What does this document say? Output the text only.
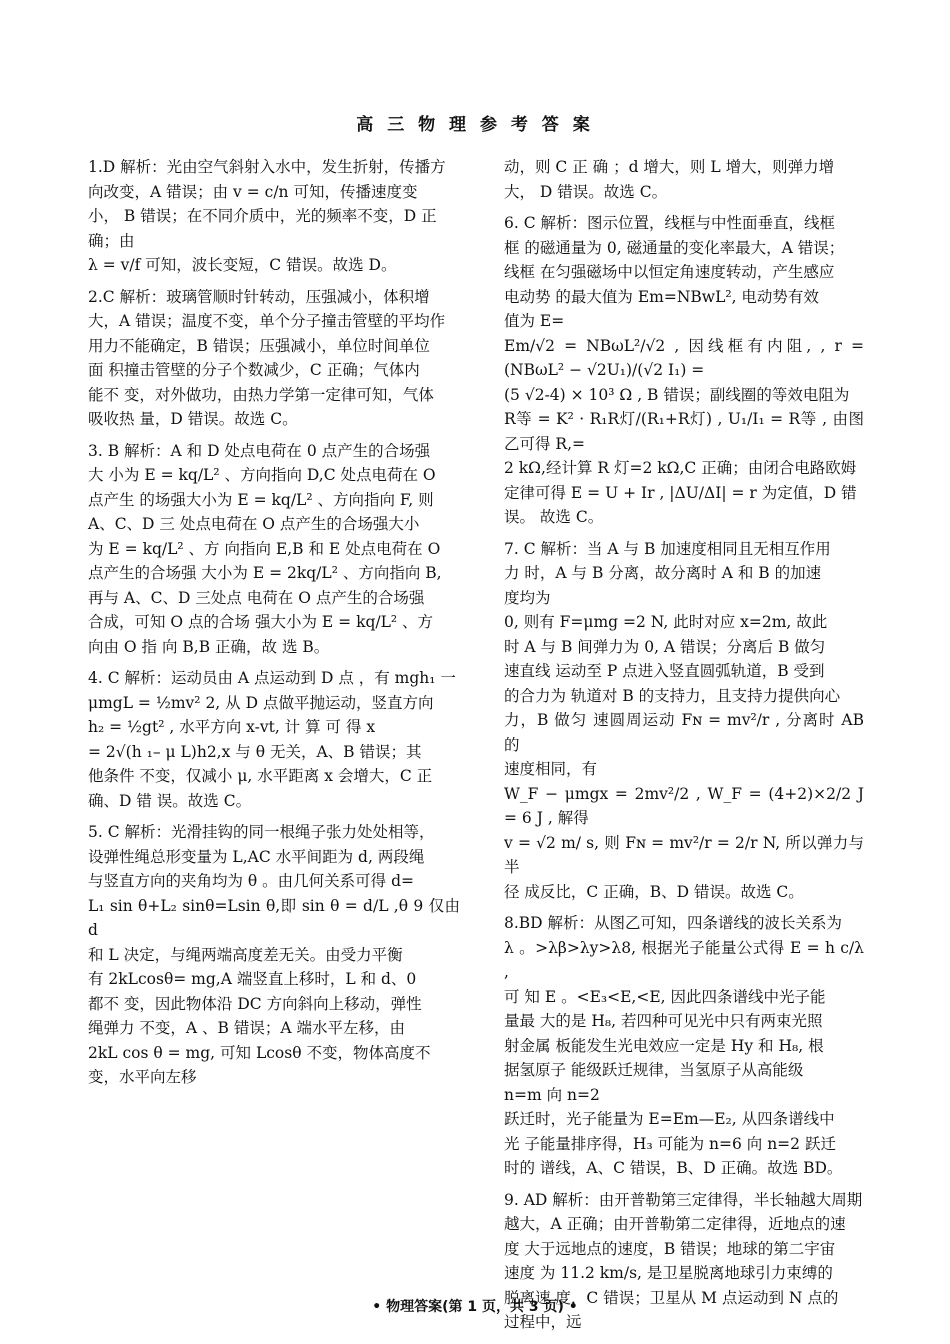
高 三 物 理 参 考 答 案
1.D 解析：光由空气斜射入水中，发生折射，传播方
向改变，A 错误；由 v = c/n 可知，传播速度变
小， B 错误；在不同介质中，光的频率不变，D 正
确；由
λ = v/f 可知，波长变短，C 错误。故选 D。
2.C 解析：玻璃管顺时针转动，压强减小，体积增
大，A 错误；温度不变，单个分子撞击管壁的平均作
用力不能确定，B 错误；压强减小，单位时间单位
面 积撞击管壁的分子个数减少，C 正确；气体内
能不 变，对外做功，由热力学第一定律可知，气体
吸收热 量，D 错误。故选 C。
3. B 解析：A 和 D 处点电荷在 0 点产生的合场强
大 小为 E = kq/L² 、方向指向 D,C 处点电荷在 O
点产生 的场强大小为 E = kq/L² 、方向指向 F, 则
A、C、D 三 处点电荷在 O 点产生的合场强大小
为 E = kq/L² 、方 向指向 E,B 和 E 处点电荷在 O
点产生的合场强 大小为 E = 2kq/L² 、方向指向 B,
再与 A、C、D 三处点 电荷在 O 点产生的合场强
合成，可知 O 点的合场 强大小为 E = kq/L² 、方
向由 O 指 向 B,B 正确，故 选 B。
4. C 解析：运动员由 A 点运动到 D 点 ，有 mgh₁ 一
μmgL = ½mv² 2, 从 D 点做平抛运动，竖直方向
h₂ = ½gt² , 水平方向 x-vt, 计 算 可 得 x
= 2√(h ₁– μ L)h2,x 与 θ 无关，A、B 错误；其
他条件 不变，仅减小 μ, 水平距离 x 会增大，C 正
确、D 错 误。故选 C。
5. C 解析：光滑挂钩的同一根绳子张力处处相等，
设弹性绳总形变量为 L,AC 水平间距为 d, 两段绳
与竖直方向的夹角均为 θ 。由几何关系可得 d=
L₁ sin θ+L₂ sinθ=Lsin θ,即 sin θ = d/L ,θ 9 仅由 d
和 L 决定，与绳两端高度差无关。由受力平衡
有 2kLcosθ= mg,A 端竖直上移时，L 和 d、0
都不 变，因此物体沿 DC 方向斜向上移动，弹性
绳弹力 不变，A 、B 错误；A 端水平左移，由
2kL cos θ = mg, 可知 Lcosθ 不变，物体高度不
变，水平向左移
动，则 C 正 确 ；d 增大，则 L 增大，则弹力增
大， D 错误。故选 C。
6. C 解析：图示位置，线框与中性面垂直，线框
框 的磁通量为 0, 磁通量的变化率最大，A 错误；
线框 在匀强磁场中以恒定角速度转动，产生感应
电动势 的最大值为 Em=NBwL², 电动势有效
值为 E=
Em/√2 = NBωL²/√2 , 因线框有内阻, , r = (NBωL² − √2U₁)/(√2 I₁) =
(5 √2-4) × 10³ Ω , B 错误；副线圈的等效电阻为
R等 = K² · R₁R灯/(R₁+R灯) , U₁/I₁ = R等 , 由图乙可得 R,=
2 kΩ,经计算 R 灯=2 kΩ,C 正确；由闭合电路欧姆
定律可得 E = U + Ir , |ΔU/ΔI| = r 为定值，D 错
误。 故选 C。
7. C 解析：当 A 与 B 加速度相同且无相互作用
力 时，A 与 B 分离，故分离时 A 和 B 的加速
度均为
0, 则有 F=μmg =2 N, 此时对应 x=2m, 故此
时 A 与 B 间弹力为 0, A 错误；分离后 B 做匀
速直线 运动至 P 点进入竖直圆弧轨道，B 受到
的合力为 轨道对 B 的支持力，且支持力提供向心
力，B 做匀 速圆周运动 Fɴ = mv²/r , 分离时 AB 的
速度相同，有
W_F − μmgx = 2mv²/2 , W_F = (4+2)×2/2 J = 6 J , 解得
v = √2 m/ s, 则 Fɴ = mv²/r = 2/r N, 所以弹力与半
径 成反比，C 正确，B、D 错误。故选 C。
8.BD 解析：从图乙可知，四条谱线的波长关系为
λ 。>λβ>λy>λ8, 根据光子能量公式得 E = h c/λ ,
可 知 E 。<E₃<E,<E, 因此四条谱线中光子能
量最 大的是 H₈, 若四种可见光中只有两束光照
射金属 板能发生光电效应一定是 Hy 和 H₈, 根
据氢原子 能级跃迁规律，当氢原子从高能级
n=m 向 n=2
跃迁时，光子能量为 E=Em—E₂, 从四条谱线中
光 子能量排序得，H₃ 可能为 n=6 向 n=2 跃迁
时的 谱线，A、C 错误，B、D 正确。故选 BD。
9. AD 解析：由开普勒第三定律得，半长轴越大周期
越大，A 正确；由开普勒第二定律得，近地点的速
度 大于远地点的速度，B 错误；地球的第二宇宙
速度 为 11.2 km/s, 是卫星脱离地球引力束缚的
脱离速 度，C 错误；卫星从 M 点运动到 N 点的
过程中，远
• 物理答案(第 1 页，共 3 页) •
